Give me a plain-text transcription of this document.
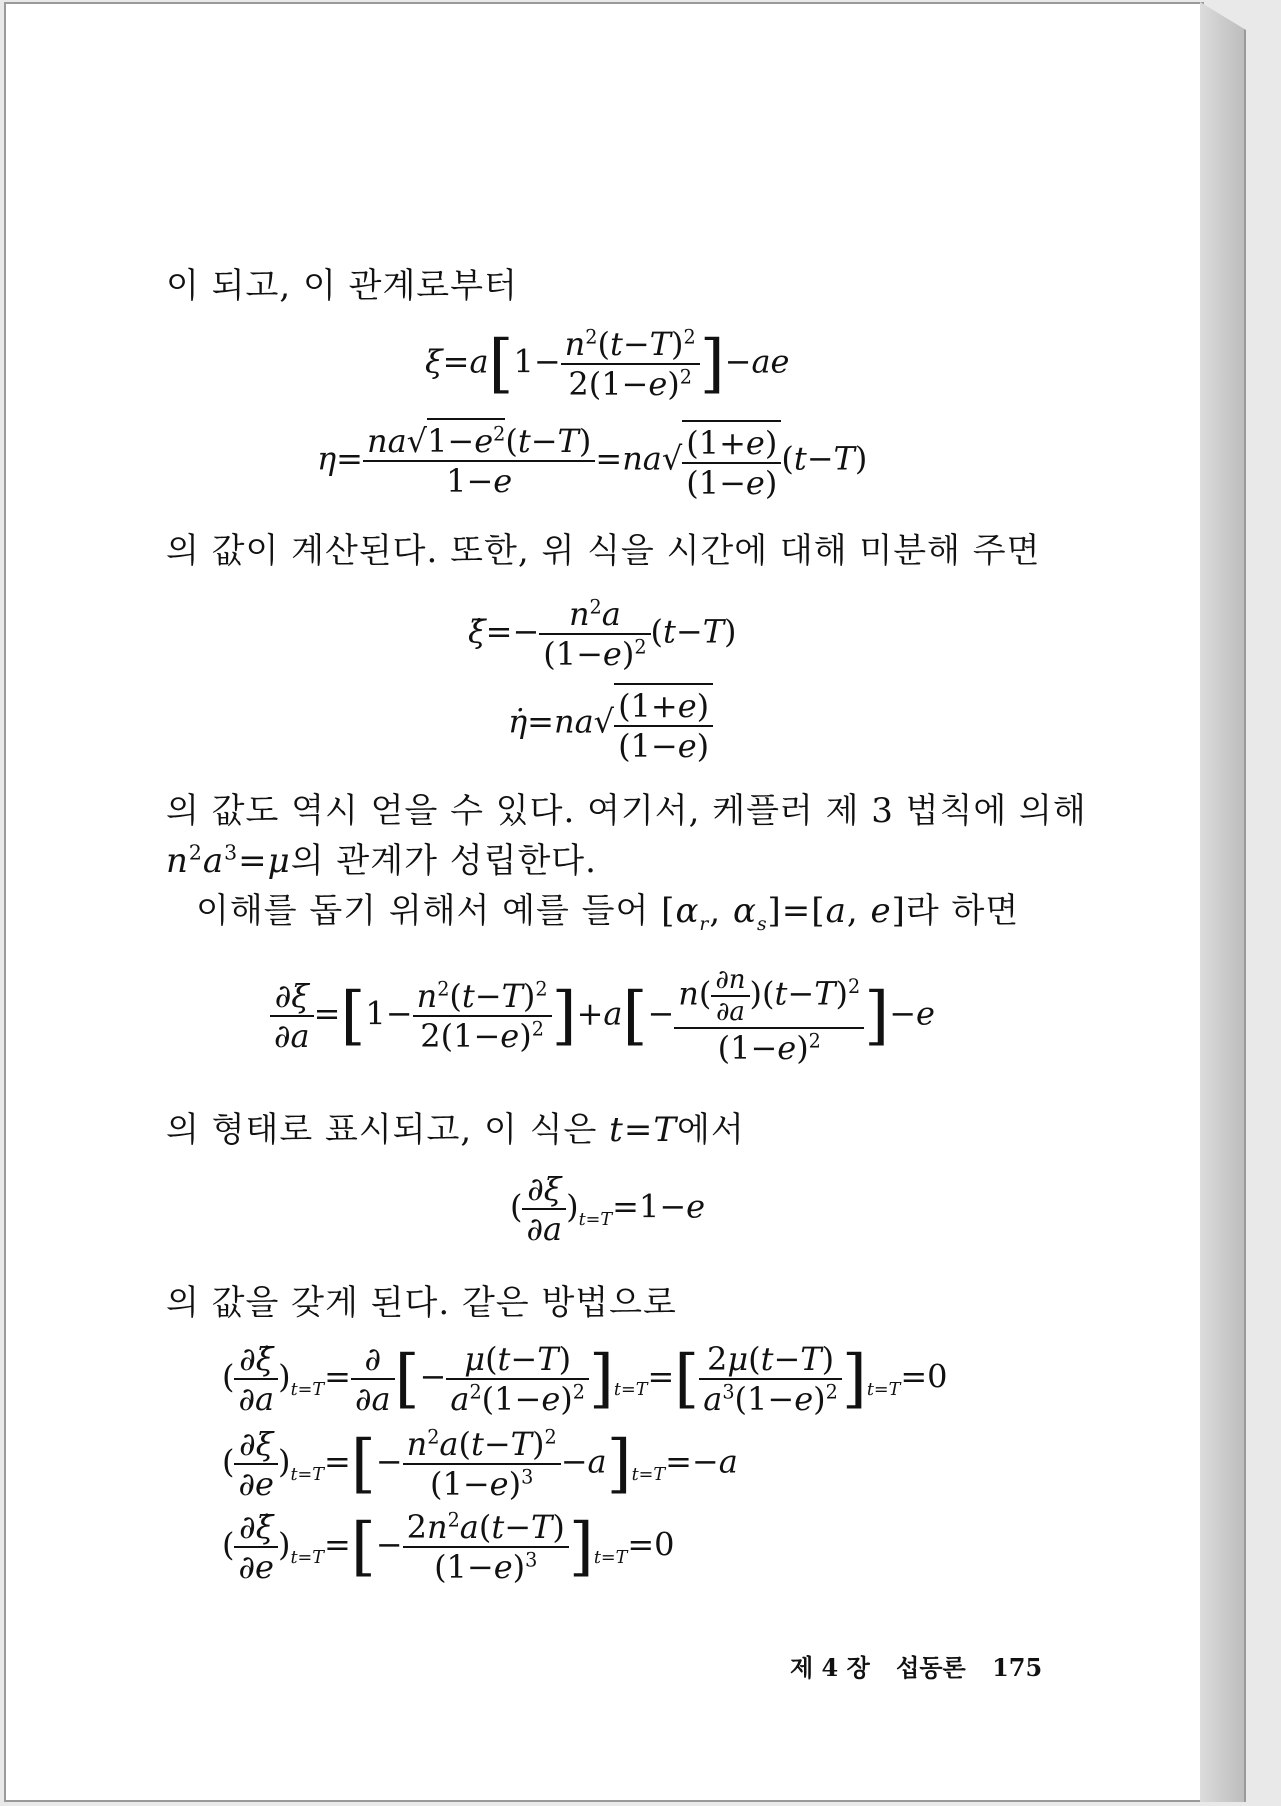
이 되고, 이 관계로부터
$\xi=a[1- \frac{n^2(t-T)^2}{2(1-e)^2} ]-ae$
$\eta= \frac{na√1-e^2(t-T)}{1-e} =na√ \frac{(1+e)}{(1-e)} (t-T)$
의 값이 계산된다. 또한, 위 식을 시간에 대해 미분해 주면
ξ̇=− $\frac{n^2a}{(1-e)^2} (t-T)$
η̇=na√ $\frac{(1+e)}{(1-e)}$
의 값도 역시 얻을 수 있다. 여기서, 케플러 제 3 법칙에 의해
$n^2a^3=\mu$의 관계가 성립한다.
이해를 돕기 위해서 예를 들어 [$\alpha_r$, $\alpha_s]=[a$, e]라 하면
$\frac{\partial\xi}{\partial a} =[1- \frac{n^2(t-T)^2}{2(1-e)^2} ]+a[- \frac{n( \frac{\partial n}{\partial a} )(t-T)^2}{(1-e)^2} ]-e$
의 형태로 표시되고, 이 식은 t=T에서
( $\frac{\partial\xi}{\partial a} )_{t=T}=1-e$
의 값을 갖게 된다. 같은 방법으로
( $\frac{\partial\xi̇}{\partial a} )_{t=T}= \frac{\partial}{\partial a}$ [− $\frac{\mu(t-T)}{a^2(1-e)^2} ]_{t=T}=[ \frac{2\mu(t-T)}{a^3(1-e)^2} ]_{t=T}=0$
( $\frac{\partial\xi}{\partial e} )_{t=T}=[- \frac{n^2a(t-T)^2}{(1-e)^3} -a]_{t=T}=-a$
( $\frac{\partial\xi̇}{\partial e} )_{t=T}=[- \frac{2n^2a(t-T)}{(1-e)^3} ]_{t=T}=0$
제 4 장 섭동론 175
